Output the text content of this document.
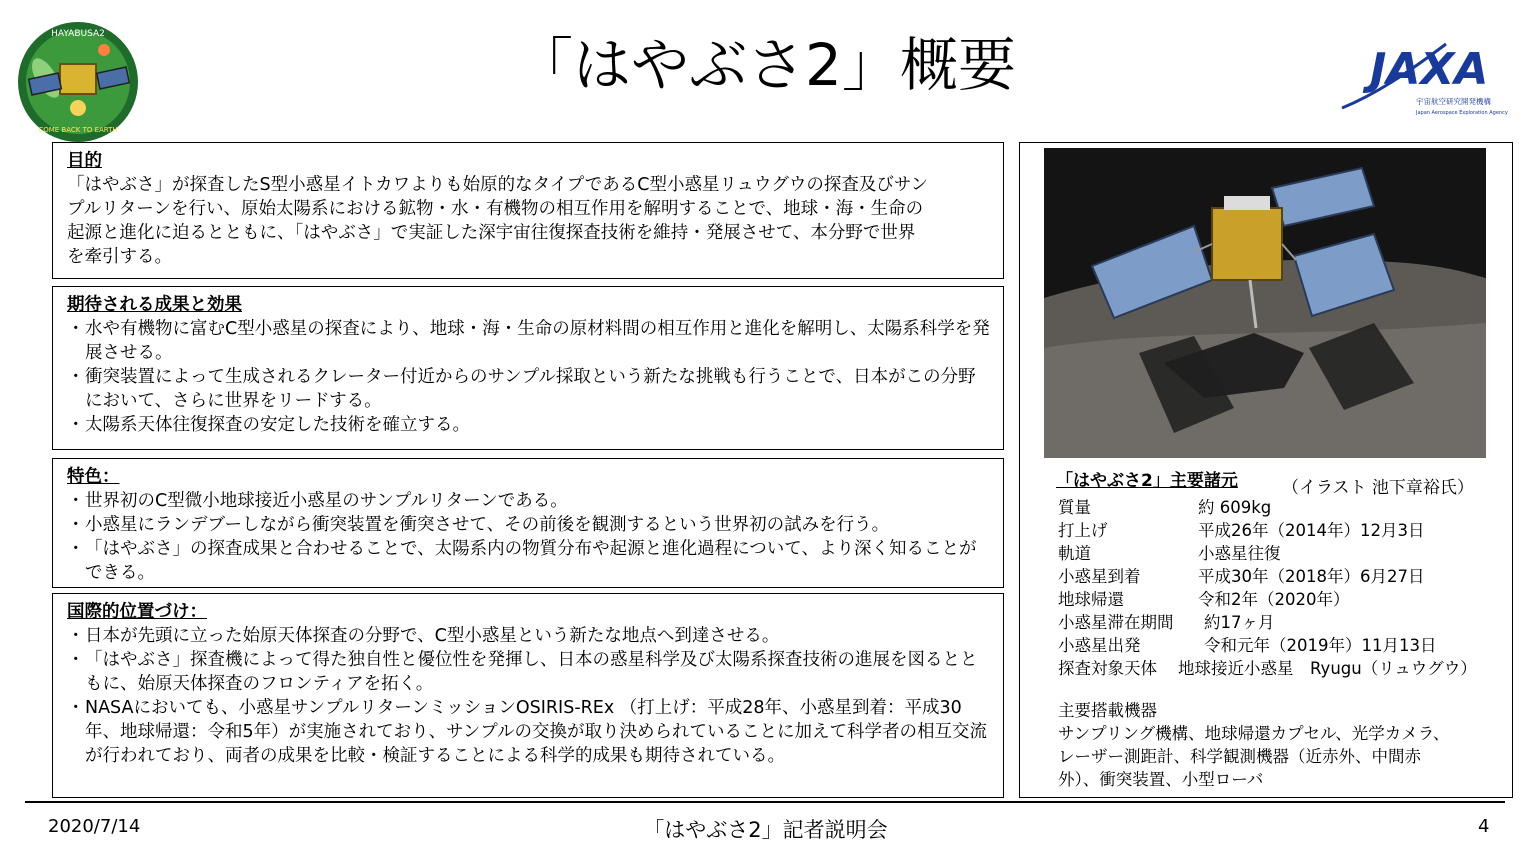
「はやぶさ2」概要
HAYABUSA2
COME BACK TO EARTH
JAXA
宇宙航空研究開発機構
Japan Aerospace Exploration Agency
目的

「はやぶさ」が探査したS型小惑星イトカワよりも始原的なタイプであるC型小惑星リュウグウの探査及びサン

プルリターンを行い、原始太陽系における鉱物・水・有機物の相互作用を解明することで、地球・海・生命の

起源と進化に迫るとともに、「はやぶさ」で実証した深宇宙往復探査技術を維持・発展させて、本分野で世界

を牽引する。

期待される成果と効果
・ 水や有機物に富むC型小惑星の探査により、地球・海・生命の原材料間の相互作用と進化を解明し、太陽系科学を発展させる。
・ 衝突装置によって生成されるクレーター付近からのサンプル採取という新たな挑戦も行うことで、日本がこの分野において、さらに世界をリードする。
・ 太陽系天体往復探査の安定した技術を確立する。
特色：
・ 世界初のC型微小地球接近小惑星のサンプルリターンである。
・ 小惑星にランデブーしながら衝突装置を衝突させて、その前後を観測するという世界初の試みを行う。
・ 「はやぶさ」の探査成果と合わせることで、太陽系内の物質分布や起源と進化過程について、より深く知ることができる。
国際的位置づけ：
・ 日本が先頭に立った始原天体探査の分野で、C型小惑星という新たな地点へ到達させる。
・ 「はやぶさ」探査機によって得た独自性と優位性を発揮し、日本の惑星科学及び太陽系探査技術の進展を図るとともに、始原天体探査のフロンティアを拓く。
・ NASAにおいても、小惑星サンプルリターンミッションOSIRIS-REx （打上げ：平成28年、小惑星到着：平成30年、地球帰還：令和5年）が実施されており、サンプルの交換が取り決められていることに加えて科学者の相互交流が行われており、両者の成果を比較・検証することによる科学的成果も期待されている。
「はやぶさ2」主要諸元	（イラスト 池下章裕氏）
質量	約 609kg
打上げ	平成26年（2014年）12月3日
軌道	小惑星往復
小惑星到着	平成30年（2018年）6月27日
地球帰還	令和2年（2020年）
小惑星滞在期間 約17ヶ月
小惑星出発	令和元年（2019年）11月13日
探査対象天体 地球接近小惑星　Ryugu（リュウグウ）

主要搭載機器

サンプリング機構、地球帰還カプセル、光学カメラ、

レーザー測距計、科学観測機器（近赤外、中間赤

外）、衝突装置、小型ローバ

2020/7/14	「はやぶさ2」記者説明会	4
